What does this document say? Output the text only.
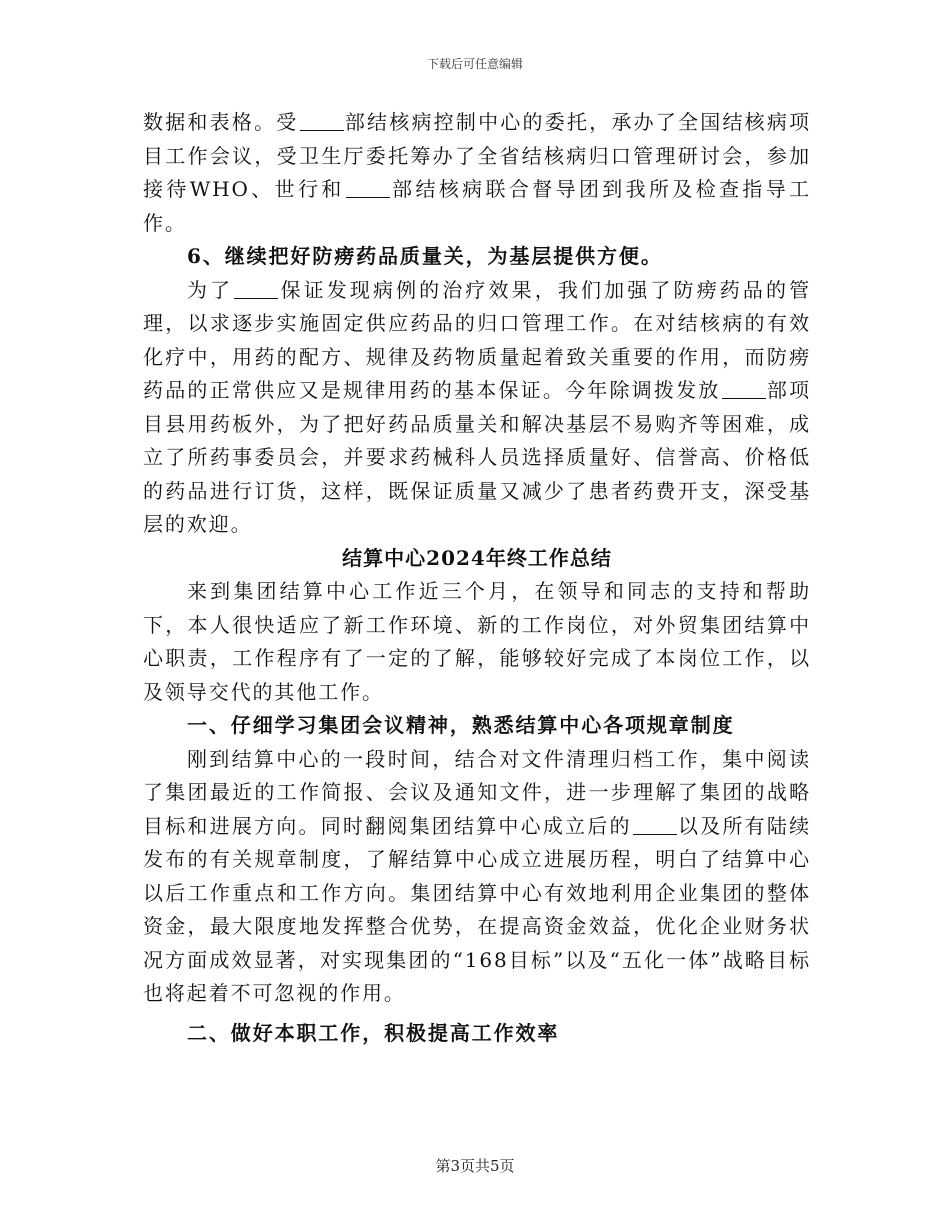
下载后可任意编辑

数据和表格。受 部结核病控制中心的委托，承办了全国结核病项目工作会议，受卫生厅委托筹办了全省结核病归口管理研讨会，参加接待WHO、世行和 部结核病联合督导团到我所及检查指导工作。

6、继续把好防痨药品质量关，为基层提供方便。

为了 保证发现病例的治疗效果，我们加强了防痨药品的管理，以求逐步实施固定供应药品的归口管理工作。在对结核病的有效化疗中，用药的配方、规律及药物质量起着致关重要的作用，而防痨药品的正常供应又是规律用药的基本保证。今年除调拨发放 部项目县用药板外，为了把好药品质量关和解决基层不易购齐等困难，成立了所药事委员会，并要求药械科人员选择质量好、信誉高、价格低的药品进行订货，这样，既保证质量又减少了患者药费开支，深受基层的欢迎。

结算中心2024年终工作总结

来到集团结算中心工作近三个月，在领导和同志的支持和帮助下，本人很快适应了新工作环境、新的工作岗位，对外贸集团结算中心职责，工作程序有了一定的了解，能够较好完成了本岗位工作，以及领导交代的其他工作。

一、仔细学习集团会议精神，熟悉结算中心各项规章制度

刚到结算中心的一段时间，结合对文件清理归档工作，集中阅读了集团最近的工作简报、会议及通知文件，进一步理解了集团的战略目标和进展方向。同时翻阅集团结算中心成立后的 以及所有陆续发布的有关规章制度，了解结算中心成立进展历程，明白了结算中心以后工作重点和工作方向。集团结算中心有效地利用企业集团的整体资金，最大限度地发挥整合优势，在提高资金效益，优化企业财务状况方面成效显著，对实现集团的“168目标”以及“五化一体”战略目标也将起着不可忽视的作用。

二、做好本职工作，积极提高工作效率

第3页共5页
